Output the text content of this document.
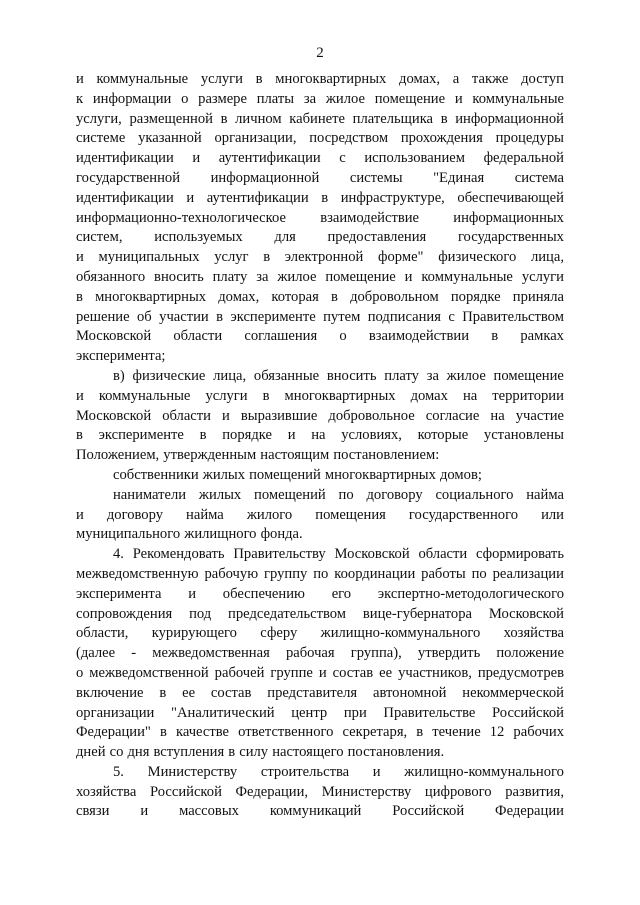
2
и коммунальные услуги в многоквартирных домах, а также доступ
к информации о размере платы за жилое помещение и коммунальные
услуги, размещенной в личном кабинете плательщика в информационной
системе указанной организации, посредством прохождения процедуры
идентификации и аутентификации с использованием федеральной
государственной информационной системы "Единая система
идентификации и аутентификации в инфраструктуре, обеспечивающей
информационно-технологическое взаимодействие информационных
систем, используемых для предоставления государственных
и муниципальных услуг в электронной форме" физического лица,
обязанного вносить плату за жилое помещение и коммунальные услуги
в многоквартирных домах, которая в добровольном порядке приняла
решение об участии в эксперименте путем подписания с Правительством
Московской области соглашения о взаимодействии в рамках
эксперимента;
в) физические лица, обязанные вносить плату за жилое помещение
и коммунальные услуги в многоквартирных домах на территории
Московской области и выразившие добровольное согласие на участие
в эксперименте в порядке и на условиях, которые установлены
Положением, утвержденным настоящим постановлением:
собственники жилых помещений многоквартирных домов;
наниматели жилых помещений по договору социального найма
и договору найма жилого помещения государственного или
муниципального жилищного фонда.
4. Рекомендовать Правительству Московской области сформировать
межведомственную рабочую группу по координации работы по реализации
эксперимента и обеспечению его экспертно-методологического
сопровождения под председательством вице-губернатора Московской
области, курирующего сферу жилищно-коммунального хозяйства
(далее - межведомственная рабочая группа), утвердить положение
о межведомственной рабочей группе и состав ее участников, предусмотрев
включение в ее состав представителя автономной некоммерческой
организации "Аналитический центр при Правительстве Российской
Федерации" в качестве ответственного секретаря, в течение 12 рабочих
дней со дня вступления в силу настоящего постановления.
5. Министерству строительства и жилищно-коммунального
хозяйства Российской Федерации, Министерству цифрового развития,
связи и массовых коммуникаций Российской Федерации
